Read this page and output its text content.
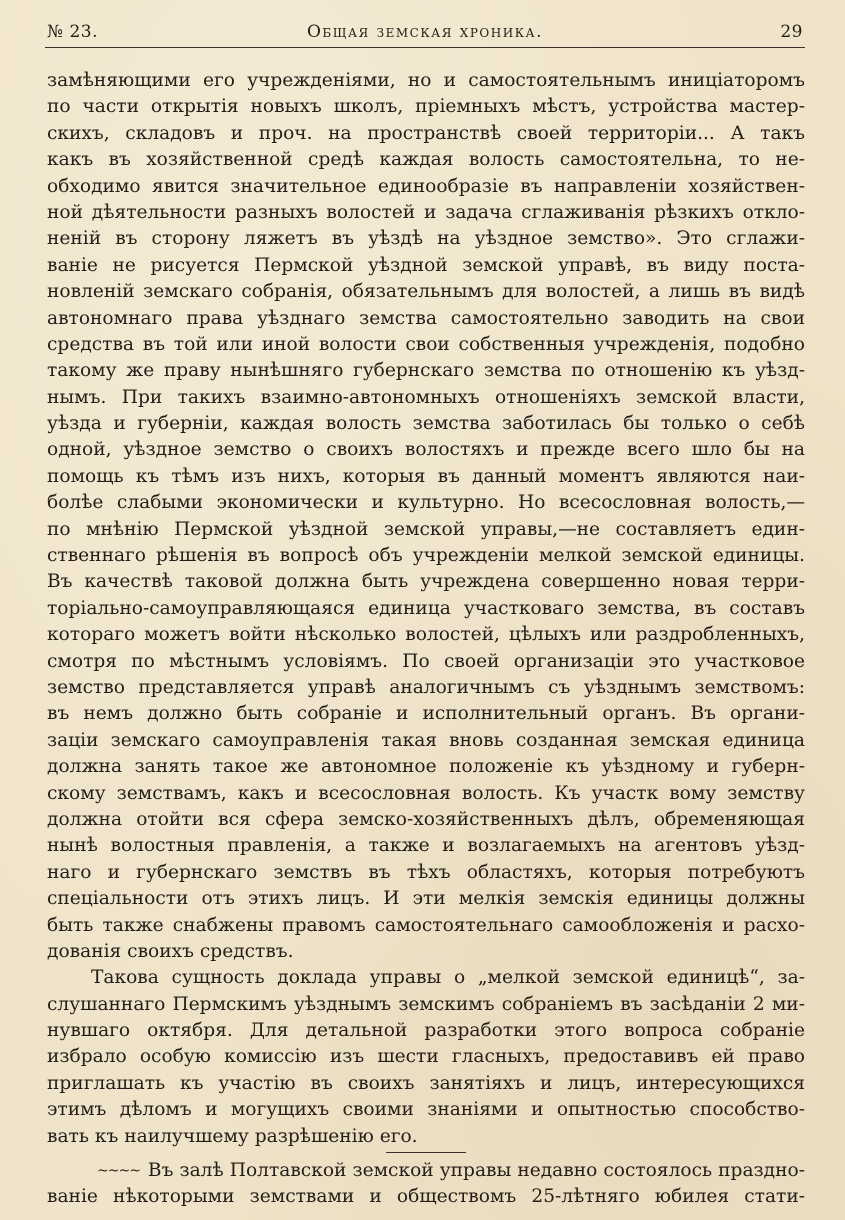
№ 23.	Общая земская хроника.	29
замѣняющими его учрежденіями, но и самостоятельнымъ иниціаторомъ
по части открытія новыхъ школъ, пріемныхъ мѣстъ, устройства мастер-
скихъ, складовъ и проч. на пространствѣ своей территоріи... А такъ
какъ въ хозяйственной средѣ каждая волость самостоятельна, то не-
обходимо явится значительное единообразіе въ направленіи хозяйствен-
ной дѣятельности разныхъ волостей и задача сглаживанія рѣзкихъ откло-
неній въ сторону ляжетъ въ уѣздѣ на уѣздное земство». Это сглажи-
ваніе не рисуется Пермской уѣздной земской управѣ, въ виду поста-
новленій земскаго собранія, обязательнымъ для волостей, а лишь въ видѣ
автономнаго права уѣзднаго земства самостоятельно заводить на свои
средства въ той или иной волости свои собственныя учрежденія, подобно
такому же праву нынѣшняго губернскаго земства по отношенію къ уѣзд-
нымъ. При такихъ взаимно-автономныхъ отношеніяхъ земской власти,
уѣзда и губерніи, каждая волость земства заботилась бы только о себѣ
одной, уѣздное земство о своихъ волостяхъ и прежде всего шло бы на
помощь къ тѣмъ изъ нихъ, которыя въ данный моментъ являются наи-
болѣе слабыми экономически и культурно. Но всесословная волость,—
по мнѣнію Пермской уѣздной земской управы,—не составляетъ един-
ственнаго рѣшенія въ вопросѣ объ учрежденіи мелкой земской единицы.
Въ качествѣ таковой должна быть учреждена совершенно новая терри-
торіально-самоуправляющаяся единица участковаго земства, въ составъ
котораго можетъ войти нѣсколько волостей, цѣлыхъ или раздробленныхъ,
смотря по мѣстнымъ условіямъ. По своей организаціи это участковое
земство представляется управѣ аналогичнымъ съ уѣзднымъ земствомъ:
въ немъ должно быть собраніе и исполнительный органъ. Въ органи-
заціи земскаго самоуправленія такая вновь созданная земская единица
должна занять такое же автономное положеніе къ уѣздному и губерн-
скому земствамъ, какъ и всесословная волость. Къ участк вому земству
должна отойти вся сфера земско-хозяйственныхъ дѣлъ, обременяющая
нынѣ волостныя правленія, а также и возлагаемыхъ на агентовъ уѣзд-
наго и губернскаго земствъ въ тѣхъ областяхъ, которыя потребуютъ
спеціальности отъ этихъ лицъ. И эти мелкія земскія единицы должны
быть также снабжены правомъ самостоятельнаго самообложенія и расхо-
дованія своихъ средствъ.
Такова сущность доклада управы о „мелкой земской единицѣ“, за-
слушаннаго Пермскимъ уѣзднымъ земскимъ собраніемъ въ засѣданіи 2 ми-
нувшаго октября. Для детальной разработки этого вопроса собраніе
избрало особую комиссію изъ шести гласныхъ, предоставивъ ей право
приглашать къ участію въ своихъ занятіяхъ и лицъ, интересующихся
этимъ дѣломъ и могущихъ своими знаніями и опытностью способство-
вать къ наилучшему разрѣшенію его.
~~~~ Въ залѣ Полтавской земской управы недавно состоялось праздно-
ваніе нѣкоторыми земствами и обществомъ 25-лѣтняго юбилея стати-
